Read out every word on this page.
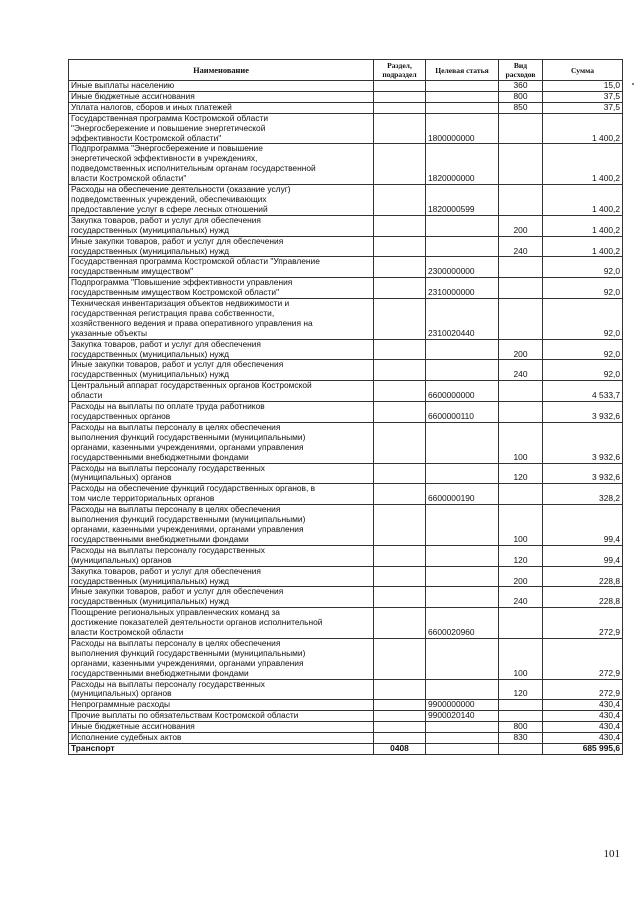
Наименование	Раздел, подраздел	Целевая статья	Вид расходов	Сумма

Иные выплаты населению			360	15,0

Иные бюджетные ассигнования			800	37,5

Уплата налогов, сборов и иных платежей			850	37,5

Государственная программа Костромской области
"Энергосбережение и повышение энергетической
эффективности Костромской области"		1800000000		1 400,2

Подпрограмма "Энергосбережение и повышение
энергетической эффективности в учреждениях,
подведомственных исполнительным органам государственной
власти Костромской области"		1820000000		1 400,2

Расходы на обеспечение деятельности (оказание услуг)
подведомственных учреждений, обеспечивающих
предоставление услуг в сфере лесных отношений		1820000599		1 400,2

Закупка товаров, работ и услуг для обеспечения
государственных (муниципальных) нужд			200	1 400,2

Иные закупки товаров, работ и услуг для обеспечения
государственных (муниципальных) нужд			240	1 400,2

Государственная программа Костромской области "Управление
государственным имуществом"		2300000000		92,0

Подпрограмма "Повышение эффективности управления
государственным имуществом Костромской области"		2310000000		92,0

Техническая инвентаризация объектов недвижимости и
государственная регистрация права собственности,
хозяйственного ведения и права оперативного управления на
указанные объекты		2310020440		92,0

Закупка товаров, работ и услуг для обеспечения
государственных (муниципальных) нужд			200	92,0

Иные закупки товаров, работ и услуг для обеспечения
государственных (муниципальных) нужд			240	92,0

Центральный аппарат государственных органов Костромской
области		6600000000		4 533,7

Расходы на выплаты по оплате труда работников
государственных органов		6600000110		3 932,6

Расходы на выплаты персоналу в целях обеспечения
выполнения функций государственными (муниципальными)
органами, казенными учреждениями, органами управления
государственными внебюджетными фондами			100	3 932,6

Расходы на выплаты персоналу государственных
(муниципальных) органов			120	3 932,6

Расходы на обеспечение функций государственных органов, в
том числе территориальных органов		6600000190		328,2

Расходы на выплаты персоналу в целях обеспечения
выполнения функций государственными (муниципальными)
органами, казенными учреждениями, органами управления
государственными внебюджетными фондами			100	99,4

Расходы на выплаты персоналу государственных
(муниципальных) органов			120	99,4

Закупка товаров, работ и услуг для обеспечения
государственных (муниципальных) нужд			200	228,8

Иные закупки товаров, работ и услуг для обеспечения
государственных (муниципальных) нужд			240	228,8

Поощрение региональных управленческих команд за
достижение показателей деятельности органов исполнительной
власти Костромской области		6600020960		272,9

Расходы на выплаты персоналу в целях обеспечения
выполнения функций государственными (муниципальными)
органами, казенными учреждениями, органами управления
государственными внебюджетными фондами			100	272,9

Расходы на выплаты персоналу государственных
(муниципальных) органов			120	272,9

Непрограммные расходы		9900000000		430,4

Прочие выплаты по обязательствам Костромской области		9900020140		430,4

Иные бюджетные ассигнования			800	430,4

Исполнение судебных актов			830	430,4

Транспорт	0408			685 995,6
101
